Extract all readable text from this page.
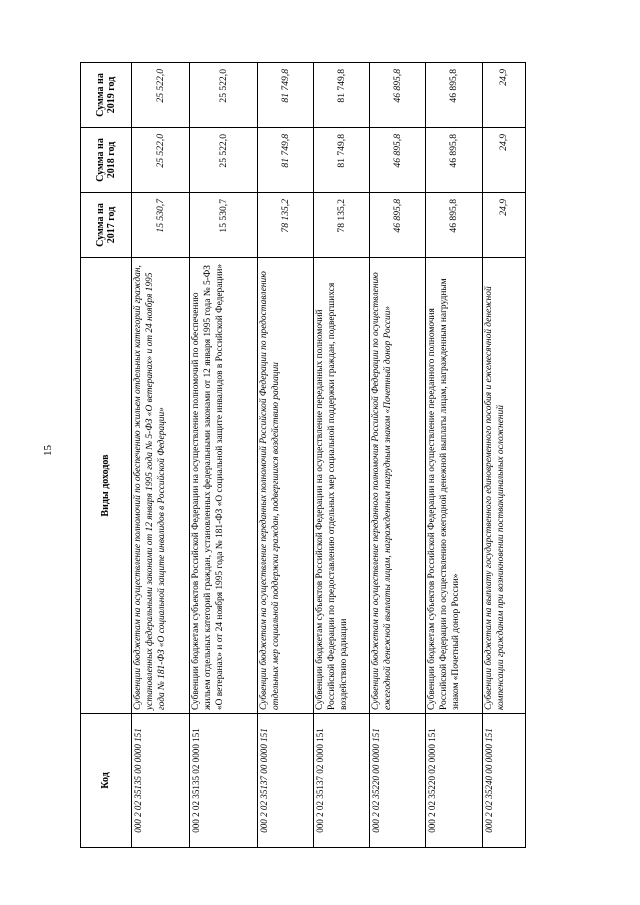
15
Код	Виды доходов	Сумма на 2017 год	Сумма на 2018 год	Сумма на 2019 год
000 2 02 35135 00 0000 151	Субвенции бюджетам на осуществление полномочий по обеспечению жильем отдельных категорий граждан, установленных федеральными законами от 12 января 1995 года № 5-ФЗ «О ветеранах» и от 24 ноября 1995 года № 181-ФЗ «О социальной защите инвалидов в Российской Федерации»	15 530,7	25 522,0	25 522,0
000 2 02 35135 02 0000 151	Субвенции бюджетам субъектов Российской Федерации на осуществление полномочий по обеспечению жильем отдельных категорий граждан, установленных федеральными законами от 12 января 1995 года № 5-ФЗ «О ветеранах» и от 24 ноября 1995 года № 181-ФЗ «О социальной защите инвалидов в Российской Федерации»	15 530,7	25 522,0	25 522,0
000 2 02 35137 00 0000 151	Субвенции бюджетам на осуществление переданных полномочий Российской Федерации по предоставлению отдельных мер социальной поддержки граждан, подвергшихся воздействию радиации	78 135,2	81 749,8	81 749,8
000 2 02 35137 02 0000 151	Субвенции бюджетам субъектов Российской Федерации на осуществление переданных полномочий Российской Федерации по предоставлению отдельных мер социальной поддержки граждан, подвергшихся воздействию радиации	78 135,2	81 749,8	81 749,8
000 2 02 35220 00 0000 151	Субвенции бюджетам на осуществление переданного полномочия Российской Федерации по осуществлению ежегодной денежной выплаты лицам, награжденным нагрудным знаком «Почетный донор России»	46 895,8	46 895,8	46 895,8
000 2 02 35220 02 0000 151	Субвенции бюджетам субъектов Российской Федерации на осуществление переданного полномочия Российской Федерации по осуществлению ежегодной денежной выплаты лицам, награжденным нагрудным знаком «Почетный донор России»	46 895,8	46 895,8	46 895,8
000 2 02 35240 00 0000 151	Субвенции бюджетам на выплату государственного единовременного пособия и ежемесячной денежной компенсации гражданам при возникновении поствакцинальных осложнений	24,9	24,9	24,9
